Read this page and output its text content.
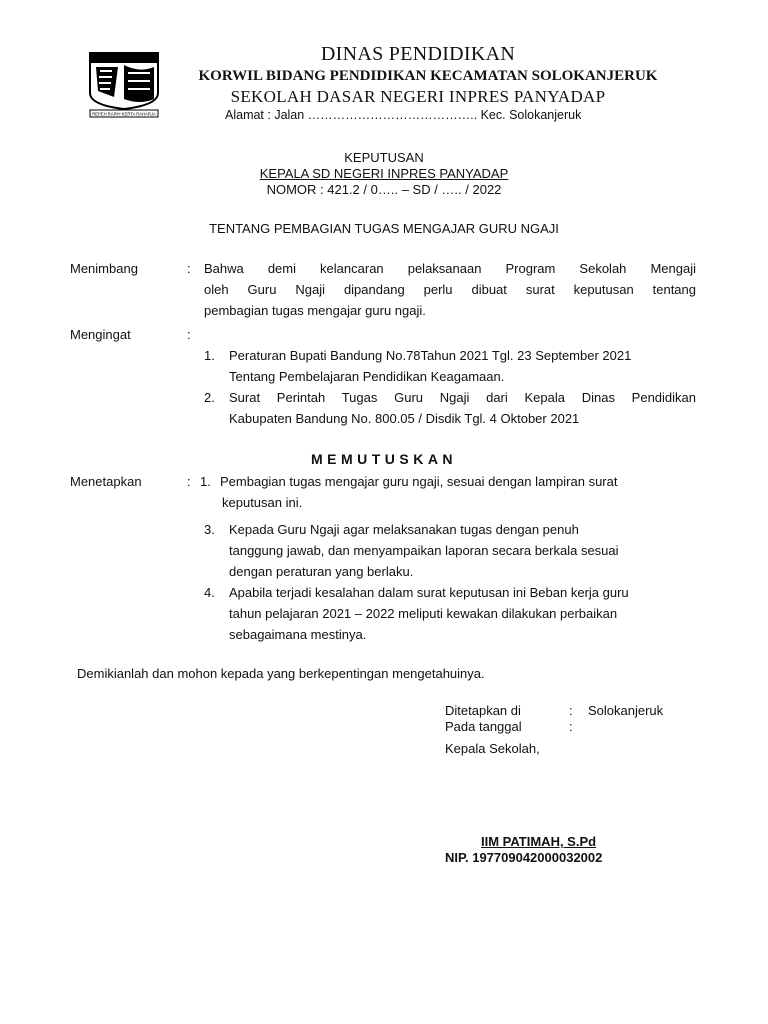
REPEH RAPIH KERTA RAHARJA
DINAS PENDIDIKAN
KORWIL BIDANG PENDIDIKAN KECAMATAN SOLOKANJERUK
SEKOLAH DASAR NEGERI INPRES PANYADAP
Alamat : Jalan ………………………………….. Kec. Solokanjeruk
KEPUTUSAN
KEPALA SD NEGERI INPRES PANYADAP
NOMOR : 421.2 / 0….. – SD / ….. / 2022
TENTANG PEMBAGIAN TUGAS MENGAJAR GURU NGAJI
Menimbang	: Bahwa demi kelancaran pelaksanaan Program Sekolah Mengaji
oleh Guru Ngaji dipandang perlu dibuat surat keputusan tentang
pembagian tugas mengajar guru ngaji.
Mengingat	:
1. Peraturan Bupati Bandung No.78Tahun 2021 Tgl. 23 September 2021
Tentang Pembelajaran Pendidikan Keagamaan.
2. Surat Perintah Tugas Guru Ngaji dari Kepala Dinas Pendidikan
Kabupaten Bandung No. 800.05 / Disdik Tgl. 4 Oktober 2021
MEMUTUSKAN
Menetapkan	: 1. Pembagian tugas mengajar guru ngaji, sesuai dengan lampiran surat
keputusan ini.
3. Kepada Guru Ngaji agar melaksanakan tugas dengan penuh
tanggung jawab, dan menyampaikan laporan secara berkala sesuai
dengan peraturan yang berlaku.
4. Apabila terjadi kesalahan dalam surat keputusan ini Beban kerja guru
tahun pelajaran 2021 – 2022 meliputi kewakan dilakukan perbaikan
sebagaimana mestinya.
Demikianlah dan mohon kepada yang berkepentingan mengetahuinya.
Ditetapkan di	: Solokanjeruk
Pada tanggal	:
Kepala Sekolah,
IIM PATIMAH, S.Pd
NIP. 197709042000032002
